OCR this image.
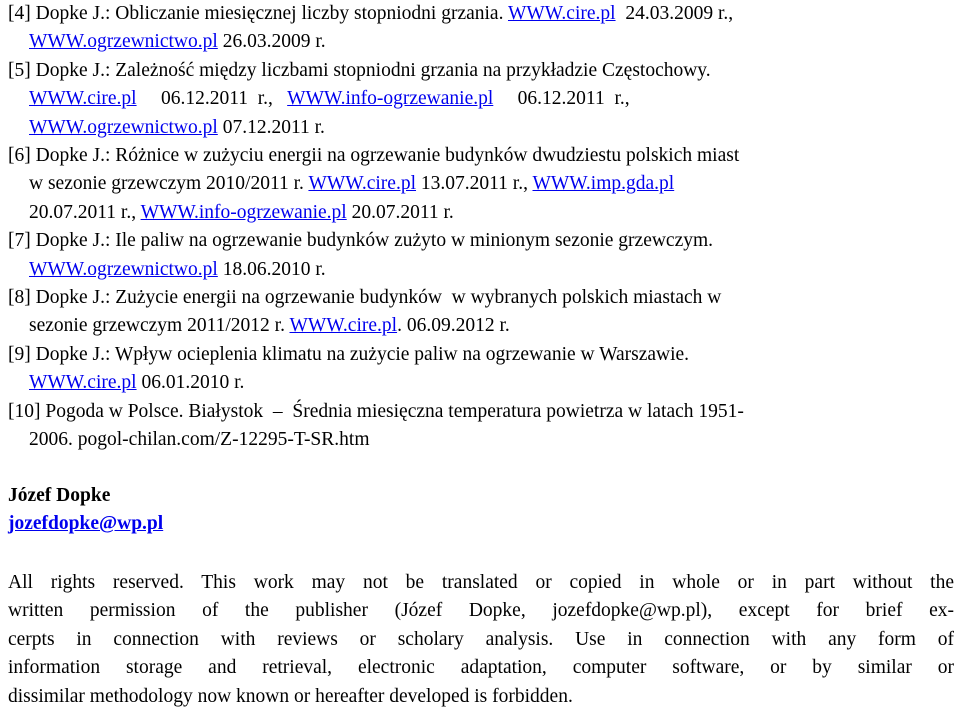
[4] Dopke J.: Obliczanie miesięcznej liczby stopniodni grzania. WWW.cire.pl  24.03.2009 r.,
WWW.ogrzewnictwo.pl 26.03.2009 r.
[5] Dopke J.: Zależność między liczbami stopniodni grzania na przykładzie Częstochowy.
WWW.cire.pl     06.12.2011  r.,   WWW.info-ogrzewanie.pl     06.12.2011  r.,
WWW.ogrzewnictwo.pl 07.12.2011 r.
[6] Dopke J.: Różnice w zużyciu energii na ogrzewanie budynków dwudziestu polskich miast
w sezonie grzewczym 2010/2011 r. WWW.cire.pl 13.07.2011 r., WWW.imp.gda.pl
20.07.2011 r., WWW.info-ogrzewanie.pl 20.07.2011 r.
[7] Dopke J.: Ile paliw na ogrzewanie budynków zużyto w minionym sezonie grzewczym.
WWW.ogrzewnictwo.pl 18.06.2010 r.
[8] Dopke J.: Zużycie energii na ogrzewanie budynków  w wybranych polskich miastach w
sezonie grzewczym 2011/2012 r. WWW.cire.pl. 06.09.2012 r.
[9] Dopke J.: Wpływ ocieplenia klimatu na zużycie paliw na ogrzewanie w Warszawie.
WWW.cire.pl 06.01.2010 r.
[10] Pogoda w Polsce. Białystok  –  Średnia miesięczna temperatura powietrza w latach 1951-
2006. pogol-chilan.com/Z-12295-T-SR.htm
Józef Dopke
jozefdopke@wp.pl
All rights reserved. This work may not be translated or copied in whole or in part without the
written permission of the publisher (Józef Dopke, jozefdopke@wp.pl), except for brief ex-
cerpts in connection with reviews or scholary analysis. Use in connection with any form of
information storage and retrieval, electronic adaptation, computer software, or by similar or
dissimilar methodology now known or hereafter developed is forbidden.
